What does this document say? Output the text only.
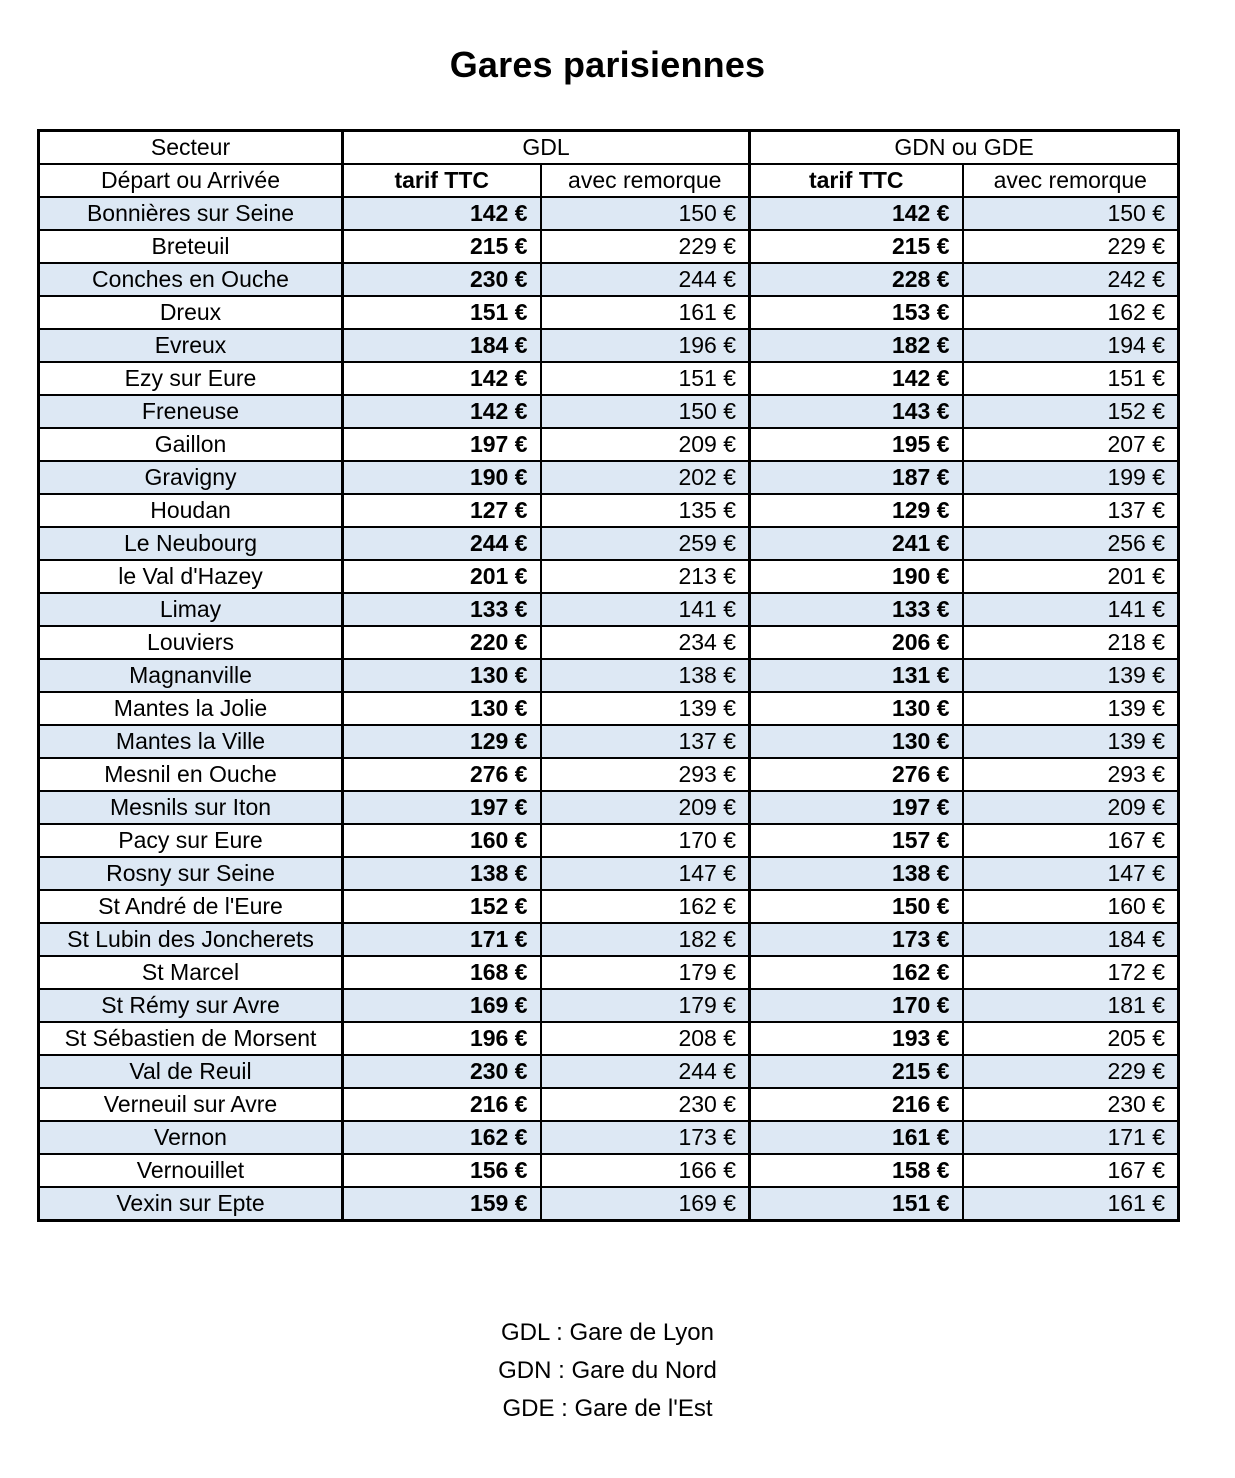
Gares parisiennes
Secteur	GDL		GDN ou GDE	
Départ ou Arrivée	tarif TTC	avec remorque	tarif TTC	avec remorque
Bonnières sur Seine	142 €	150 €	142 €	150 €
Breteuil	215 €	229 €	215 €	229 €
Conches en Ouche	230 €	244 €	228 €	242 €
Dreux	151 €	161 €	153 €	162 €
Evreux	184 €	196 €	182 €	194 €
Ezy sur Eure	142 €	151 €	142 €	151 €
Freneuse	142 €	150 €	143 €	152 €
Gaillon	197 €	209 €	195 €	207 €
Gravigny	190 €	202 €	187 €	199 €
Houdan	127 €	135 €	129 €	137 €
Le Neubourg	244 €	259 €	241 €	256 €
le Val d'Hazey	201 €	213 €	190 €	201 €
Limay	133 €	141 €	133 €	141 €
Louviers	220 €	234 €	206 €	218 €
Magnanville	130 €	138 €	131 €	139 €
Mantes la Jolie	130 €	139 €	130 €	139 €
Mantes la Ville	129 €	137 €	130 €	139 €
Mesnil en Ouche	276 €	293 €	276 €	293 €
Mesnils sur Iton	197 €	209 €	197 €	209 €
Pacy sur Eure	160 €	170 €	157 €	167 €
Rosny sur Seine	138 €	147 €	138 €	147 €
St André de l'Eure	152 €	162 €	150 €	160 €
St Lubin des Joncherets	171 €	182 €	173 €	184 €
St Marcel	168 €	179 €	162 €	172 €
St Rémy sur Avre	169 €	179 €	170 €	181 €
St Sébastien de Morsent	196 €	208 €	193 €	205 €
Val de Reuil	230 €	244 €	215 €	229 €
Verneuil sur Avre	216 €	230 €	216 €	230 €
Vernon	162 €	173 €	161 €	171 €
Vernouillet	156 €	166 €	158 €	167 €
Vexin sur Epte	159 €	169 €	151 €	161 €
GDL : Gare de Lyon
GDN : Gare du Nord
GDE : Gare de l'Est
